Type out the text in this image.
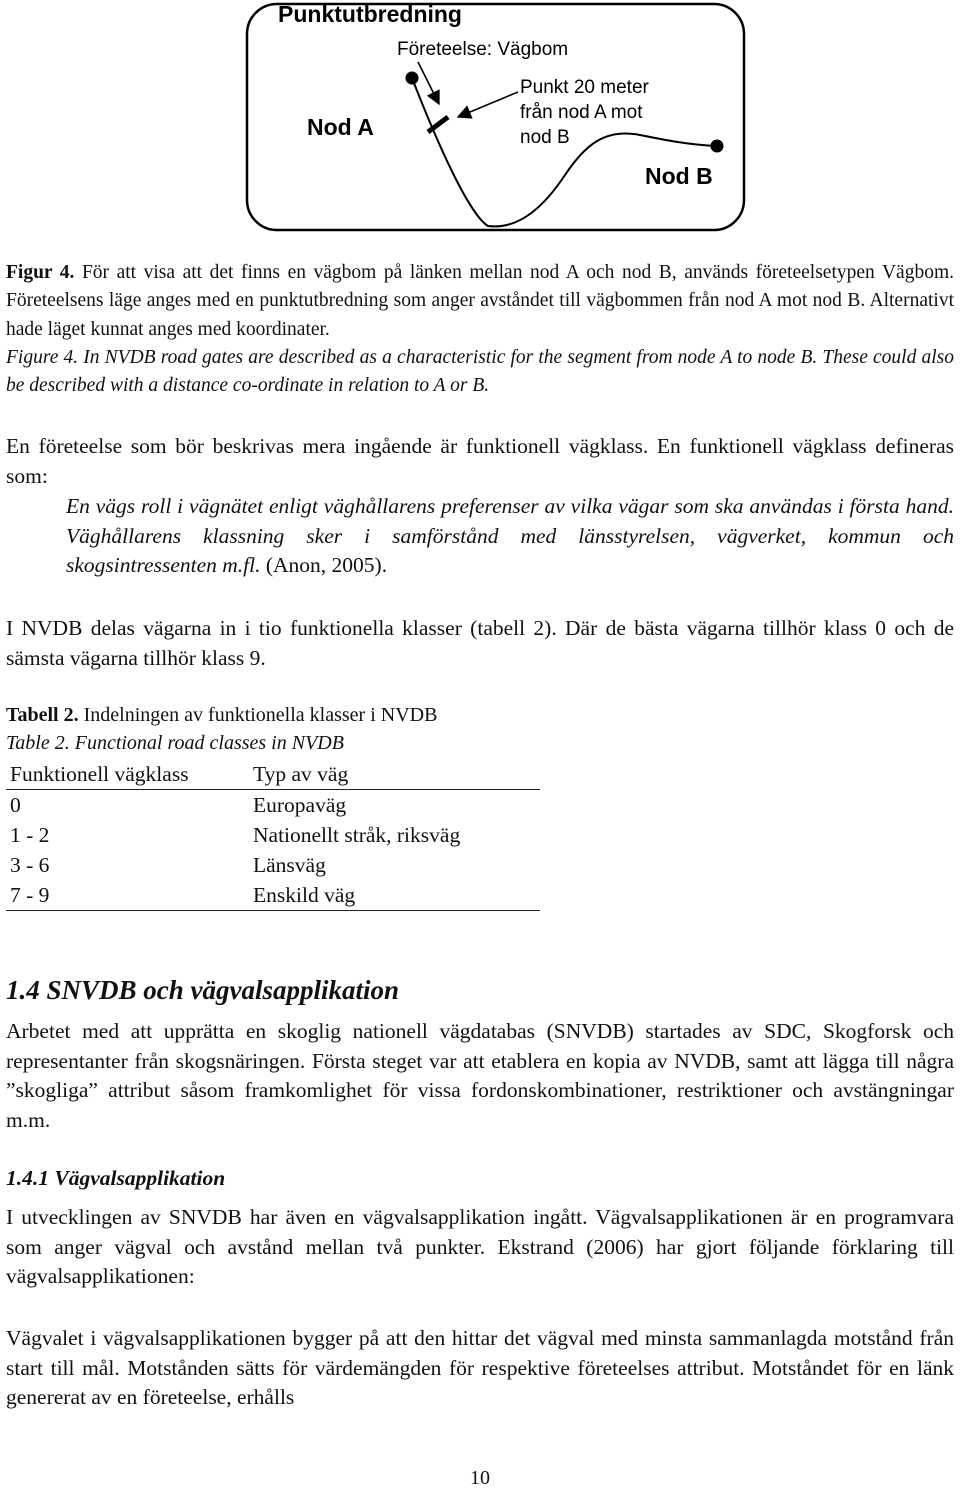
Punktutbredning
Företeelse: Vägbom
Punkt 20 meter
från nod A mot
nod B
Nod A
Nod B
Figur 4. För att visa att det finns en vägbom på länken mellan nod A och nod B, används företeelsetypen Vägbom. Företeelsens läge anges med en punktutbredning som anger avståndet till vägbommen från nod A mot nod B. Alternativt hade läget kunnat anges med koordinater.
Figure 4. In NVDB road gates are described as a characteristic for the segment from node A to node B. These could also be described with a distance co-ordinate in relation to A or B.
En företeelse som bör beskrivas mera ingående är funktionell vägklass. En funktionell vägklass defineras som:
En vägs roll i vägnätet enligt väghållarens preferenser av vilka vägar som ska användas i första hand. Väghållarens klassning sker i samförstånd med länsstyrelsen, vägverket, kommun och skogsintressenten m.fl. (Anon, 2005).
I NVDB delas vägarna in i tio funktionella klasser (tabell 2). Där de bästa vägarna tillhör klass 0 och de sämsta vägarna tillhör klass 9.
Tabell 2. Indelningen av funktionella klasser i NVDB
Table 2. Functional road classes in NVDB
Funktionell vägklass	Typ av väg
0	Europaväg
1 - 2	Nationellt stråk, riksväg
3 - 6	Länsväg
7 - 9	Enskild väg
1.4 SNVDB och vägvalsapplikation
Arbetet med att upprätta en skoglig nationell vägdatabas (SNVDB) startades av SDC, Skogforsk och representanter från skogsnäringen. Första steget var att etablera en kopia av NVDB, samt att lägga till några ”skogliga” attribut såsom framkomlighet för vissa fordonskombinationer, restriktioner och avstängningar m.m.
1.4.1 Vägvalsapplikation
I utvecklingen av SNVDB har även en vägvalsapplikation ingått. Vägvalsapplikationen är en programvara som anger vägval och avstånd mellan två punkter. Ekstrand (2006) har gjort följande förklaring till vägvalsapplikationen:
Vägvalet i vägvalsapplikationen bygger på att den hittar det vägval med minsta sammanlagda motstånd från start till mål. Motstånden sätts för värdemängden för respektive företeelses attribut. Motståndet för en länk genererat av en företeelse, erhålls
10
